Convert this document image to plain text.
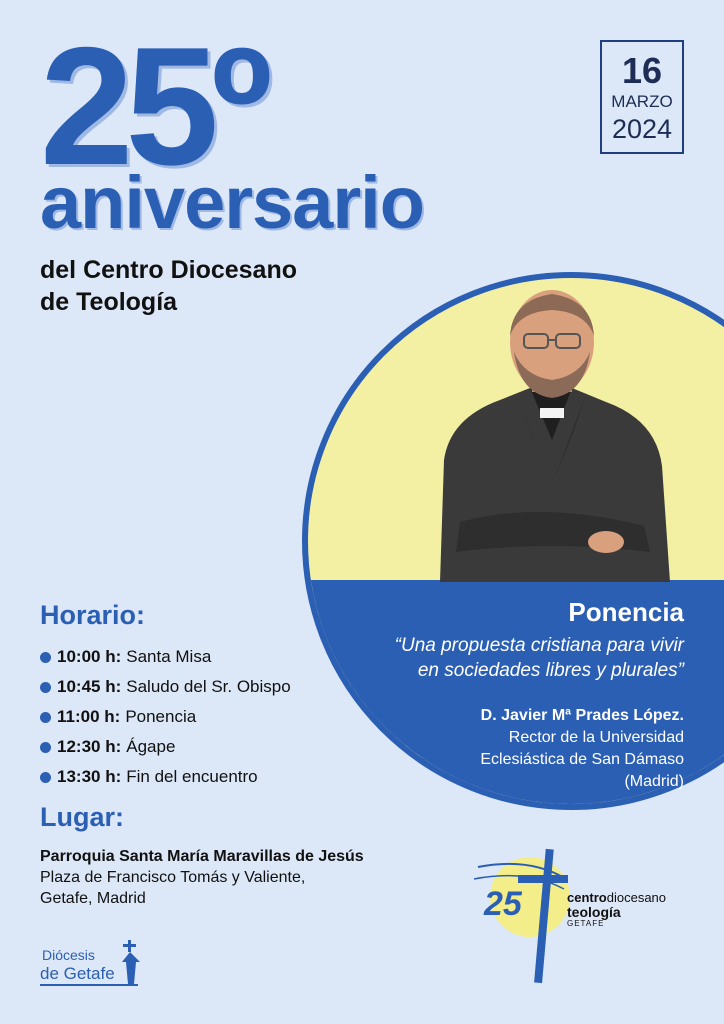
25º
aniversario
del Centro Diocesano
de Teología
16
MARZO
2024
Ponencia
“Una propuesta cristiana para vivir
en sociedades libres y plurales”
D. Javier Mª Prades López.
Rector de la Universidad
Eclesiástica de San Dámaso
(Madrid)
Horario:
10:00 h: Santa Misa
10:45 h: Saludo del Sr. Obispo
11:00 h: Ponencia
12:30 h: Ágape
13:30 h: Fin del encuentro
Lugar:
Parroquia Santa María Maravillas de Jesús
Plaza de Francisco Tomás y Valiente,
Getafe, Madrid
Diócesis
de Getafe
25	centrodiocesano
teología
GETAFE
